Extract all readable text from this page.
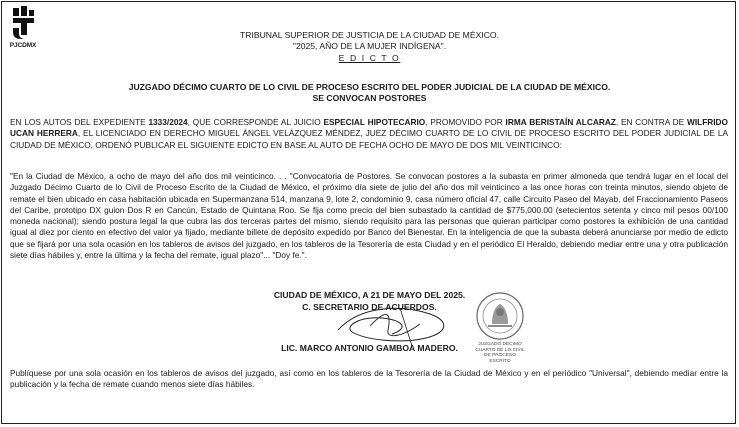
PJCDMX
TRIBUNAL SUPERIOR DE JUSTICIA DE LA CIUDAD DE MÉXICO.
"2025, AÑO DE LA MUJER INDÍGENA".
E D I C T O
JUZGADO DÉCIMO CUARTO DE LO CIVIL DE PROCESO ESCRITO DEL PODER JUDICIAL DE LA CIUDAD DE MÉXICO.
SE CONVOCAN POSTORES
EN LOS AUTOS DEL EXPEDIENTE 1333/2024, QUE CORRESPONDE AL JUICIO ESPECIAL HIPOTECARIO, PROMOVIDO POR IRMA BERISTAÍN ALCARAZ, EN CONTRA DE WILFRIDO UCAN HERRERA, EL LICENCIADO EN DERECHO MIGUEL ÁNGEL VELÁZQUEZ MÉNDEZ, JUEZ DÉCIMO CUARTO DE LO CIVIL DE PROCESO ESCRITO DEL PODER JUDICIAL DE LA CIUDAD DE MÉXICO, ORDENÓ PUBLICAR EL SIGUIENTE EDICTO EN BASE AL AUTO DE FECHA OCHO DE MAYO DE DOS MIL VEINTICINCO:
"En la Ciudad de México, a ocho de mayo del año dos mil veinticinco. . . "Convocatoria de Postores. Se convocan postores a la subasta en primer almoneda que tendrá lugar en el local del Juzgado Décimo Cuarto de lo Civil de Proceso Escrito de la Ciudad de México, el próximo día siete de julio del año dos mil veinticinco a las once horas con treinta minutos, siendo objeto de remate el bien ubicado en casa habitación ubicada en Supermanzana 514, manzana 9, lote 2, condominio 9, casa número oficial 47, calle Circuito Paseo del Mayab, del Fraccionamiento Paseos del Caribe, prototipo DX guion Dos R en Cancún, Estado de Quintana Roo. Se fija como precio del bien subastado la cantidad de $775,000.00 (setecientos setenta y cinco mil pesos 00/100 moneda nacional); siendo postura legal la que cubra las dos terceras partes del mismo, siendo requisito para las personas que quieran participar como postores la exhibición de una cantidad igual al diez por ciento en efectivo del valor ya fijado, mediante billete de depósito expedido por Banco del Bienestar. En la inteligencia de que la subasta deberá anunciarse por medio de edicto que se fijará por una sola ocasión en los tableros de avisos del juzgado, en los tableros de la Tesorería de esta Ciudad y en el periódico El Heraldo, debiendo mediar entre una y otra publicación siete días hábiles y, entre la última y la fecha del remate, igual plazo"... "Doy fe.".
CIUDAD DE MÉXICO, A 21 DE MAYO DEL 2025.
C. SECRETARIO DE ACUERDOS.
JUZGADO DÉCIMO CUARTO DE LO CIVIL DE PROCESO ESCRITO
LIC. MARCO ANTONIO GAMBOA MADERO.
Publíquese por una sola ocasión en los tableros de avisos del juzgado, así como en los tableros de la Tesorería de la Ciudad de México y en el periódico "Universal", debiendo mediar entre la publicación y la fecha de remate cuando menos siete días hábiles.
